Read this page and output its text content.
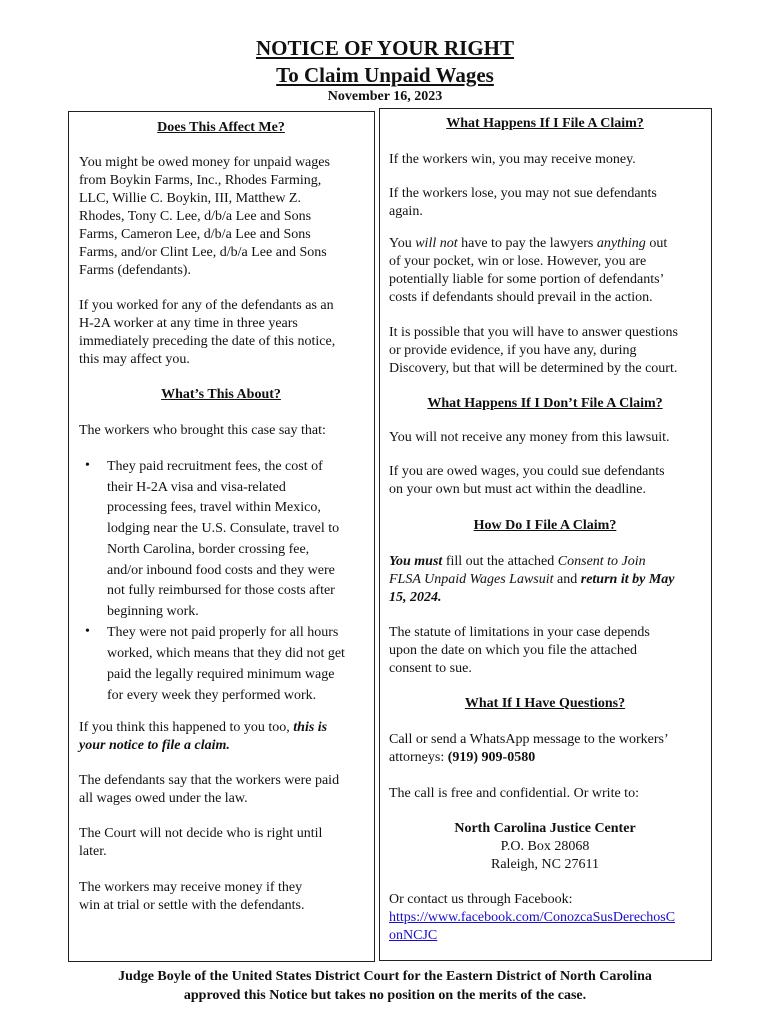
NOTICE OF YOUR RIGHT
To Claim Unpaid Wages
November 16, 2023
Does This Affect Me?
You might be owed money for unpaid wages
from Boykin Farms, Inc., Rhodes Farming,
LLC, Willie C. Boykin, III, Matthew Z.
Rhodes, Tony C. Lee, d/b/a Lee and Sons
Farms, Cameron Lee, d/b/a Lee and Sons
Farms, and/or Clint Lee, d/b/a Lee and Sons
Farms (defendants).
If you worked for any of the defendants as an
H-2A worker at any time in three years
immediately preceding the date of this notice,
this may affect you.
What’s This About?
The workers who brought this case say that:
• They paid recruitment fees, the cost of
their H-2A visa and visa-related
processing fees, travel within Mexico,
lodging near the U.S. Consulate, travel to
North Carolina, border crossing fee,
and/or inbound food costs and they were
not fully reimbursed for those costs after
beginning work.
• They were not paid properly for all hours
worked, which means that they did not get
paid the legally required minimum wage
for every week they performed work.
If you think this happened to you too, this is
your notice to file a claim.
The defendants say that the workers were paid
all wages owed under the law.
The Court will not decide who is right until
later.
The workers may receive money if they
win at trial or settle with the defendants.
What Happens If I File A Claim?
If the workers win, you may receive money.
If the workers lose, you may not sue defendants
again.
You will not have to pay the lawyers anything out
of your pocket, win or lose. However, you are
potentially liable for some portion of defendants’
costs if defendants should prevail in the action.
It is possible that you will have to answer questions
or provide evidence, if you have any, during
Discovery, but that will be determined by the court.
What Happens If I Don’t File A Claim?
You will not receive any money from this lawsuit.
If you are owed wages, you could sue defendants
on your own but must act within the deadline.
How Do I File A Claim?
You must fill out the attached Consent to Join
FLSA Unpaid Wages Lawsuit and return it by May
15, 2024.
The statute of limitations in your case depends
upon the date on which you file the attached
consent to sue.
What If I Have Questions?
Call or send a WhatsApp message to the workers’
attorneys: (919) 909-0580
The call is free and confidential. Or write to:
North Carolina Justice Center
P.O. Box 28068
Raleigh, NC 27611
Or contact us through Facebook:
https://www.facebook.com/ConozcaSusDerechosC
onNCJC
Judge Boyle of the United States District Court for the Eastern District of North Carolina
approved this Notice but takes no position on the merits of the case.
